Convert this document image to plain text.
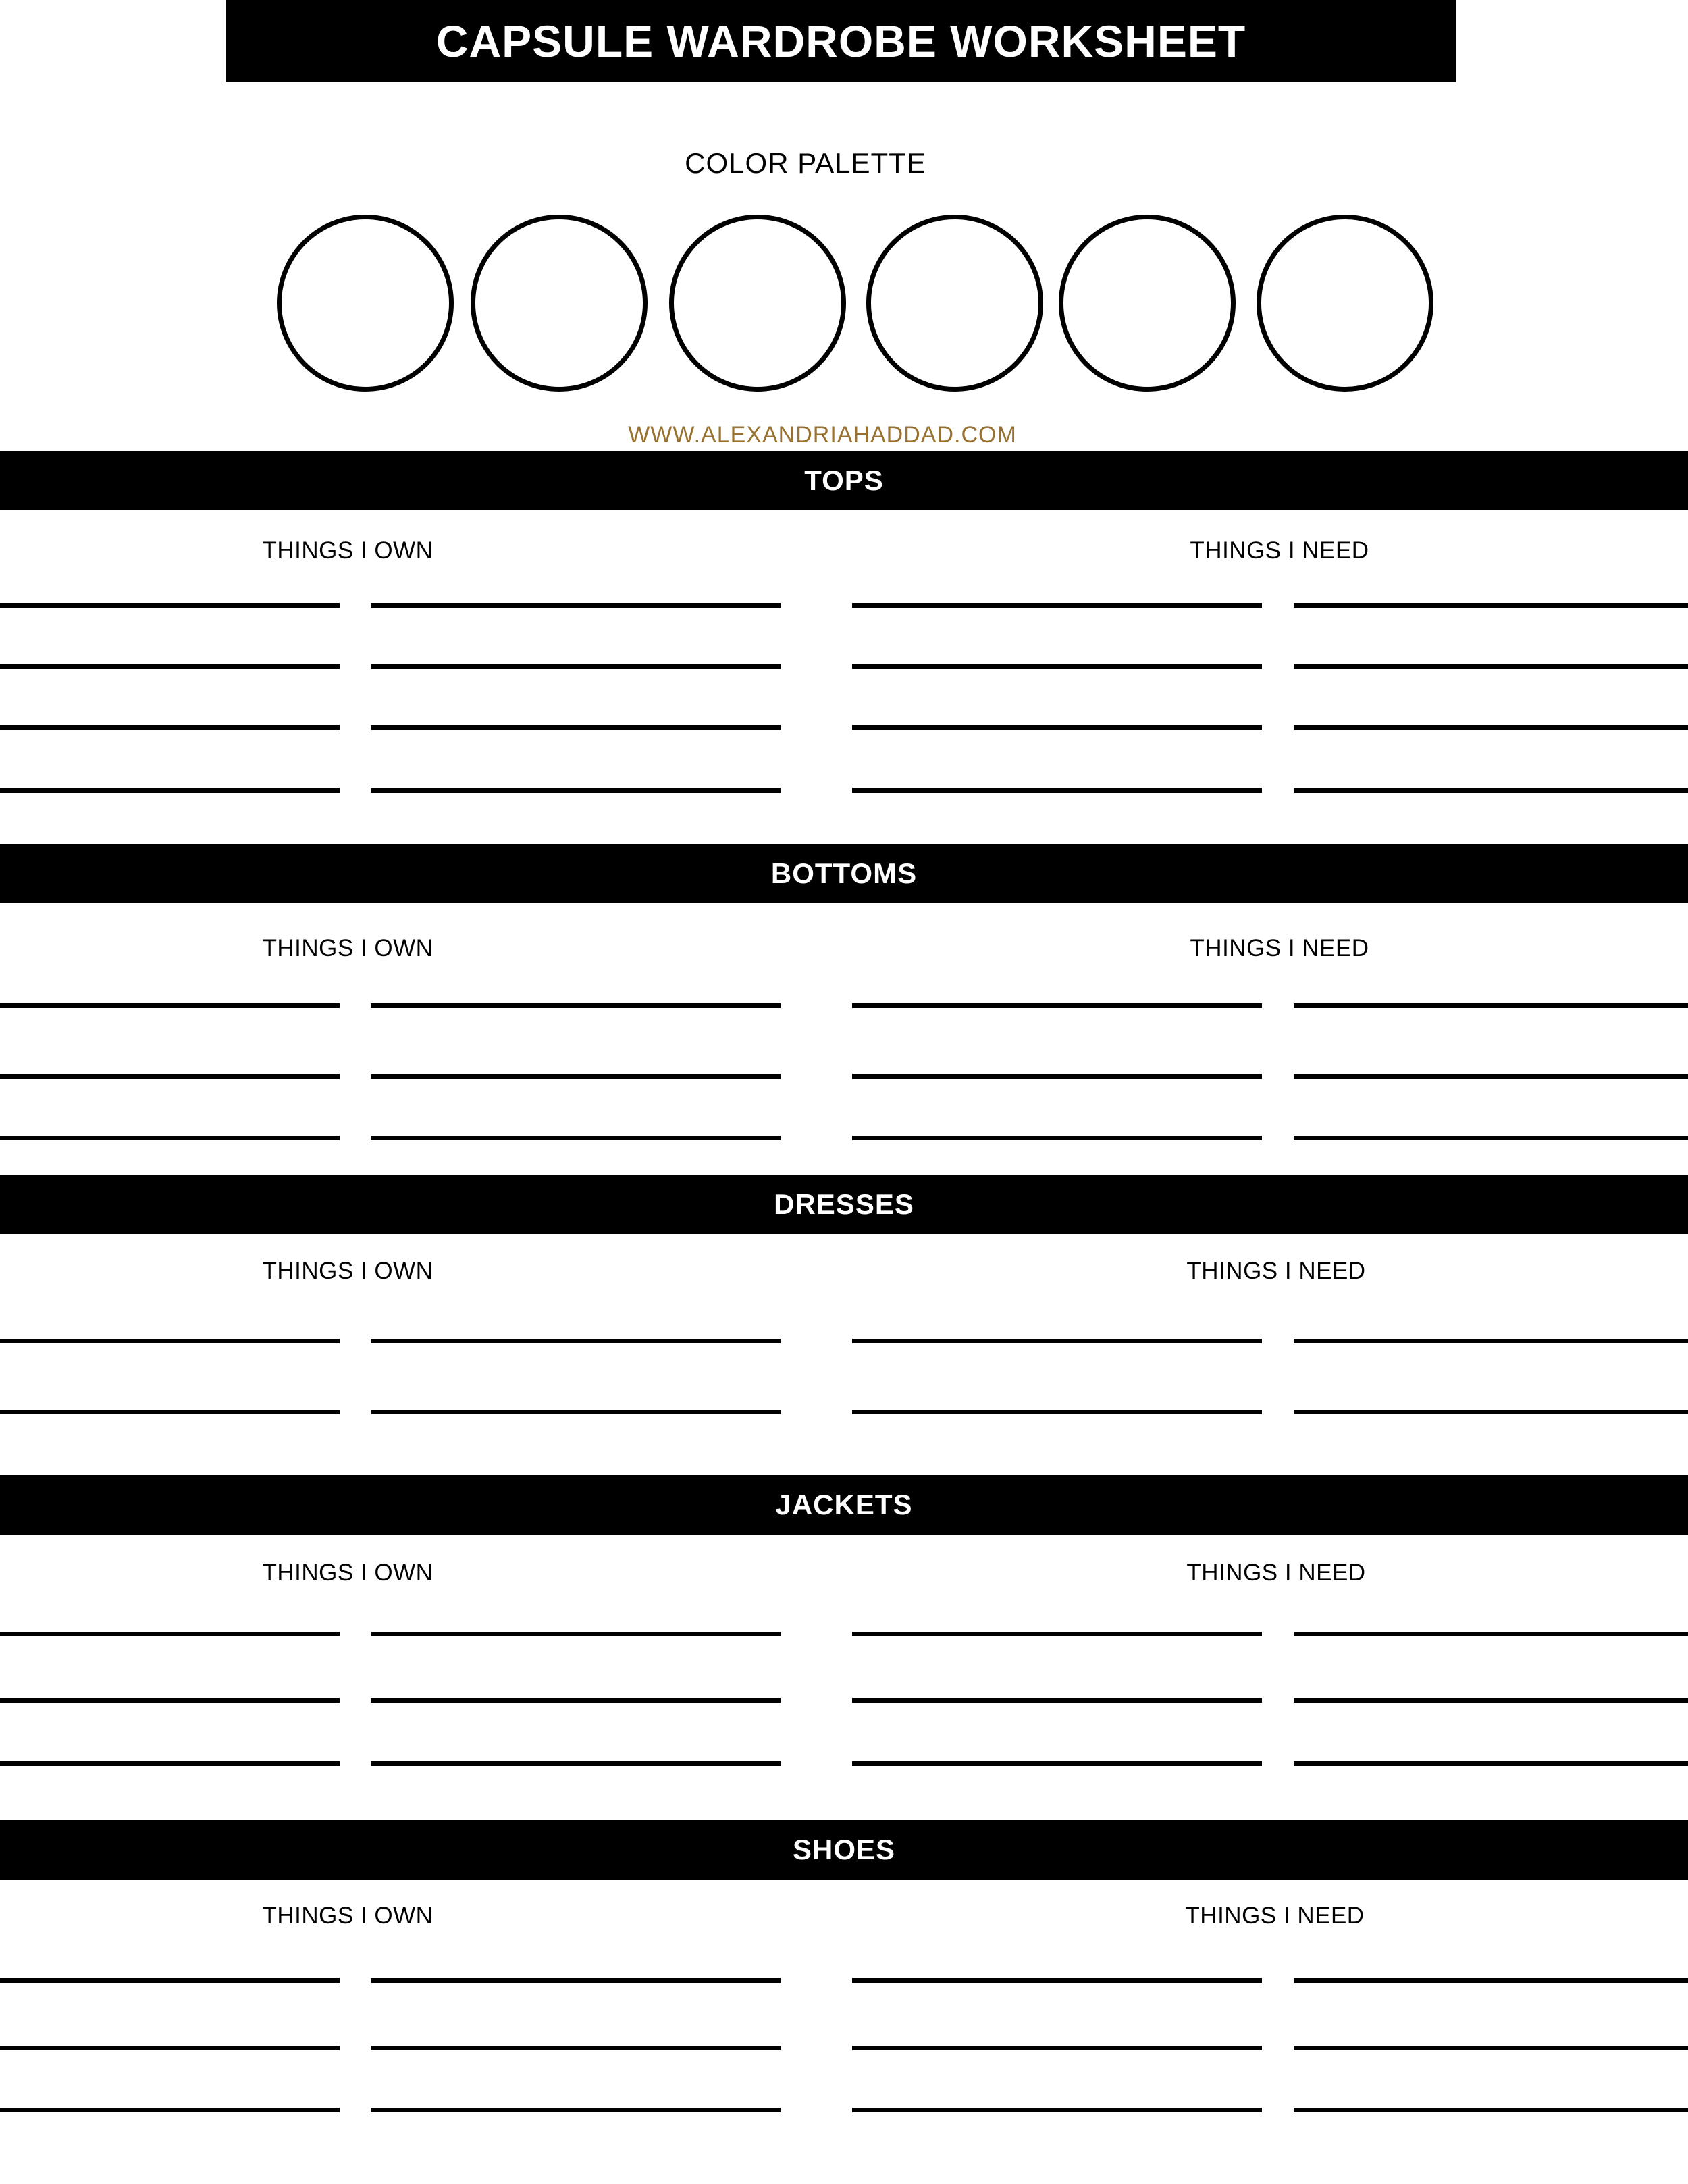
CAPSULE WARDROBE WORKSHEET
COLOR PALETTE
WWW.ALEXANDRIAHADDAD.COM
TOPS
THINGS I OWN	THINGS I NEED
BOTTOMS
THINGS I OWN	THINGS I NEED
DRESSES
THINGS I OWN	THINGS I NEED
JACKETS
THINGS I OWN	THINGS I NEED
SHOES
THINGS I OWN	THINGS I NEED
